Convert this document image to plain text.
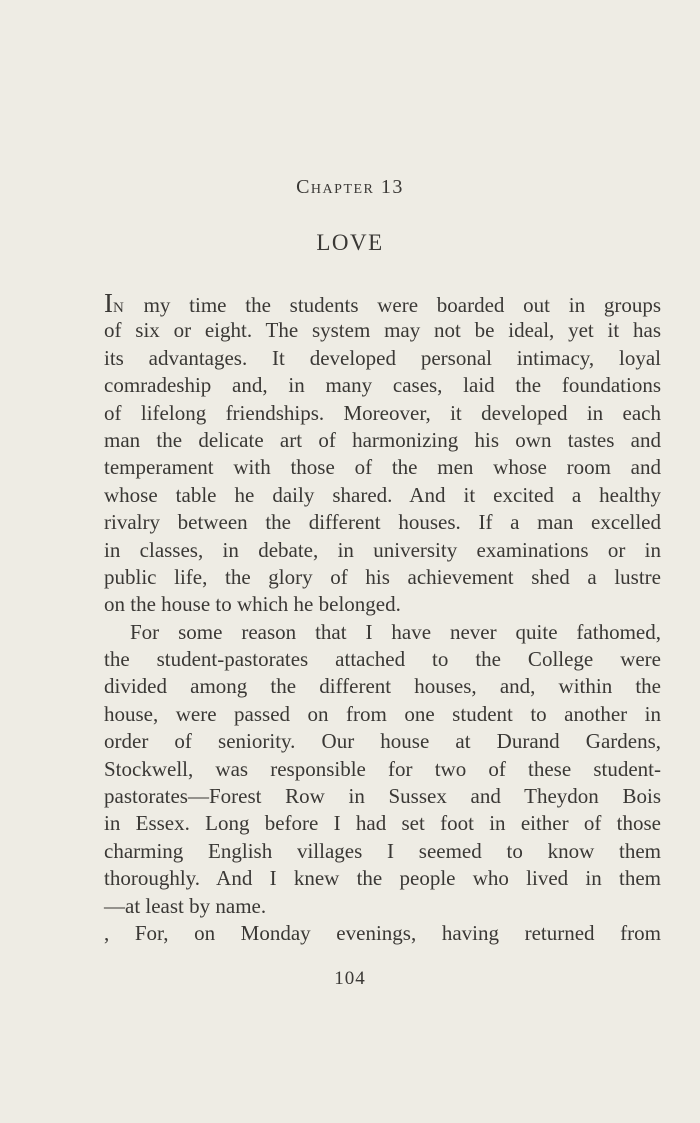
Chapter 13
LOVE
IN my time the students were boarded out in groups
of six or eight. The system may not be ideal, yet it has
its advantages. It developed personal intimacy, loyal
comradeship and, in many cases, laid the foundations
of lifelong friendships. Moreover, it developed in each
man the delicate art of harmonizing his own tastes and
temperament with those of the men whose room and
whose table he daily shared. And it excited a healthy
rivalry between the different houses. If a man excelled
in classes, in debate, in university examinations or in
public life, the glory of his achievement shed a lustre
on the house to which he belonged.
For some reason that I have never quite fathomed,
the student-pastorates attached to the College were
divided among the different houses, and, within the
house, were passed on from one student to another in
order of seniority. Our house at Durand Gardens,
Stockwell, was responsible for two of these student-
pastorates—Forest Row in Sussex and Theydon Bois
in Essex. Long before I had set foot in either of those
charming English villages I seemed to know them
thoroughly. And I knew the people who lived in them
—at least by name.
, For, on Monday evenings, having returned from
104
